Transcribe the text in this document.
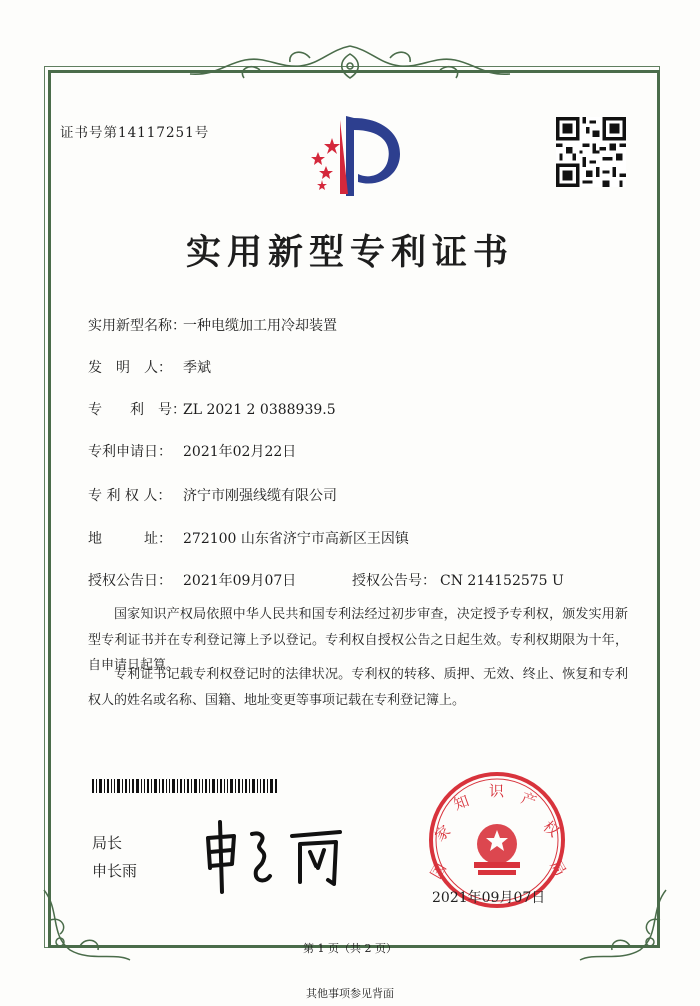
证书号第14117251号
实用新型专利证书
实用新型名称：一种电缆加工用冷却装置
发　明　人： 季斌
专　　利　号：ZL 2021 2 0388939.5
专利申请日： 2021年02月22日
专 利 权 人： 济宁市刚强线缆有限公司
地　　　址： 272100 山东省济宁市高新区王因镇
授权公告日： 2021年09月07日	授权公告号： CN 214152575 U
国家知识产权局依照中华人民共和国专利法经过初步审查，决定授予专利权，颁发实用新型专利证书并在专利登记簿上予以登记。专利权自授权公告之日起生效。专利权期限为十年，自申请日起算。
专利证书记载专利权登记时的法律状况。专利权的转移、质押、无效、终止、恢复和专利权人的姓名或名称、国籍、地址变更等事项记载在专利登记簿上。
局长
申长雨	国
家
知
识 产
权
局
2021年09月07日
第 1 页（共 2 页）
其他事项参见背面
